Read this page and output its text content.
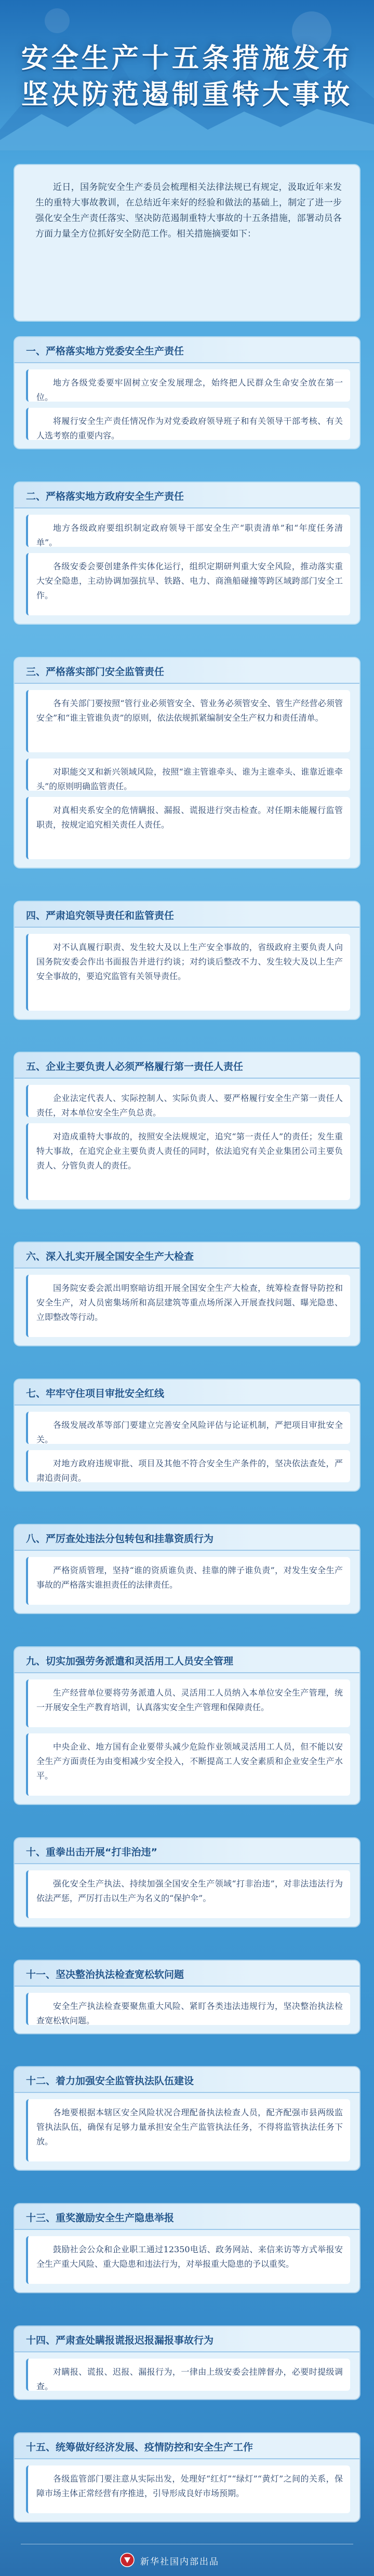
安全生产十五条措施发布
坚决防范遏制重特大事故
近日，国务院安全生产委员会梳理相关法律法规已有规定，汲取近年来发生的重特大事故教训，在总结近年来好的经验和做法的基础上，制定了进一步强化安全生产责任落实、坚决防范遏制重特大事故的十五条措施，部署动员各方面力量全方位抓好安全防范工作。相关措施摘要如下：
一、严格落实地方党委安全生产责任
地方各级党委要牢固树立安全发展理念，始终把人民群众生命安全放在第一位。
将履行安全生产责任情况作为对党委政府领导班子和有关领导干部考核、有关人选考察的重要内容。
二、严格落实地方政府安全生产责任
地方各级政府要组织制定政府领导干部安全生产“职责清单”和“年度任务清单”。
各级安委会要创建条件实体化运行，组织定期研判重大安全风险，推动落实重大安全隐患，主动协调加强抗旱、铁路、电力、商渔船碰撞等跨区域跨部门安全工作。
三、严格落实部门安全监管责任
各有关部门要按照“管行业必须管安全、管业务必须管安全、管生产经营必须管安全”和“谁主管谁负责”的原则，依法依规抓紧编制安全生产权力和责任清单。
对职能交叉和新兴领域风险，按照“谁主管谁牵头、谁为主谁牵头、谁靠近谁牵头”的原则明确监管责任。
对真相夹系安全的危情瞒报、漏报、谎报进行突击检查。对任期未能履行监管职责，按规定追究相关责任人责任。
四、严肃追究领导责任和监管责任
对不认真履行职责、发生较大及以上生产安全事故的，省级政府主要负责人向国务院安委会作出书面报告并进行约谈；对约谈后整改不力、发生较大及以上生产安全事故的，要追究监管有关领导责任。
五、企业主要负责人必须严格履行第一责任人责任
企业法定代表人、实际控制人、实际负责人、要严格履行安全生产第一责任人责任，对本单位安全生产负总责。
对造成重特大事故的，按照安全法规规定，追究“第一责任人”的责任；发生重特大事故，在追究企业主要负责人责任的同时，依法追究有关企业集团公司主要负责人、分管负责人的责任。
六、深入扎实开展全国安全生产大检查
国务院安委会派出明察暗访组开展全国安全生产大检查，统筹检查督导防控和安全生产，对人员密集场所和高层建筑等重点场所深入开展查找问题、曝光隐患、立即整改等行动。
七、牢牢守住项目审批安全红线
各级发展改革等部门要建立完善安全风险评估与论证机制，严把项目审批安全关。
对地方政府违规审批、项目及其他不符合安全生产条件的，坚决依法查处，严肃追责问责。
八、严厉查处违法分包转包和挂靠资质行为
严格资质管理，坚持“谁的资质谁负责、挂靠的牌子谁负责”，对发生安全生产事故的严格落实谁担责任的法律责任。
九、切实加强劳务派遣和灵活用工人员安全管理
生产经营单位要将劳务派遣人员、灵活用工人员纳入本单位安全生产管理，统一开展安全生产教育培训，认真落实安全生产管理和保障责任。
中央企业、地方国有企业要带头减少危险作业领域灵活用工人员，但不能以安全生产方面责任为由变相减少安全投入，不断提高工人安全素质和企业安全生产水平。
十、重拳出击开展“打非治违”
强化安全生产执法、持续加强全国安全生产领域“打非治违”，对非法违法行为依法严惩，严厉打击以生产为名义的“保护伞”。
十一、坚决整治执法检查宽松软问题
安全生产执法检查要聚焦重大风险、紧盯各类违法违规行为，坚决整治执法检查宽松软问题。
十二、着力加强安全监管执法队伍建设
各地要根据本辖区安全风险状况合理配备执法检查人员，配齐配强市县两级监管执法队伍，确保有足够力量承担安全生产监管执法任务，不得将监管执法任务下放。
十三、重奖激励安全生产隐患举报
鼓励社会公众和企业职工通过12350电话、政务网站、来信来访等方式举报安全生产重大风险、重大隐患和违法行为，对举报重大隐患的予以重奖。
十四、严肃查处瞒报谎报迟报漏报事故行为
对瞒报、谎报、迟报、漏报行为，一律由上级安委会挂牌督办，必要时提级调查。
十五、统筹做好经济发展、疫情防控和安全生产工作
各级监管部门要注意从实际出发，处理好“红灯”“绿灯”“黄灯”之间的关系，保障市场主体正常经营有序推进，引导形成良好市场预期。
新华社国内部出品
